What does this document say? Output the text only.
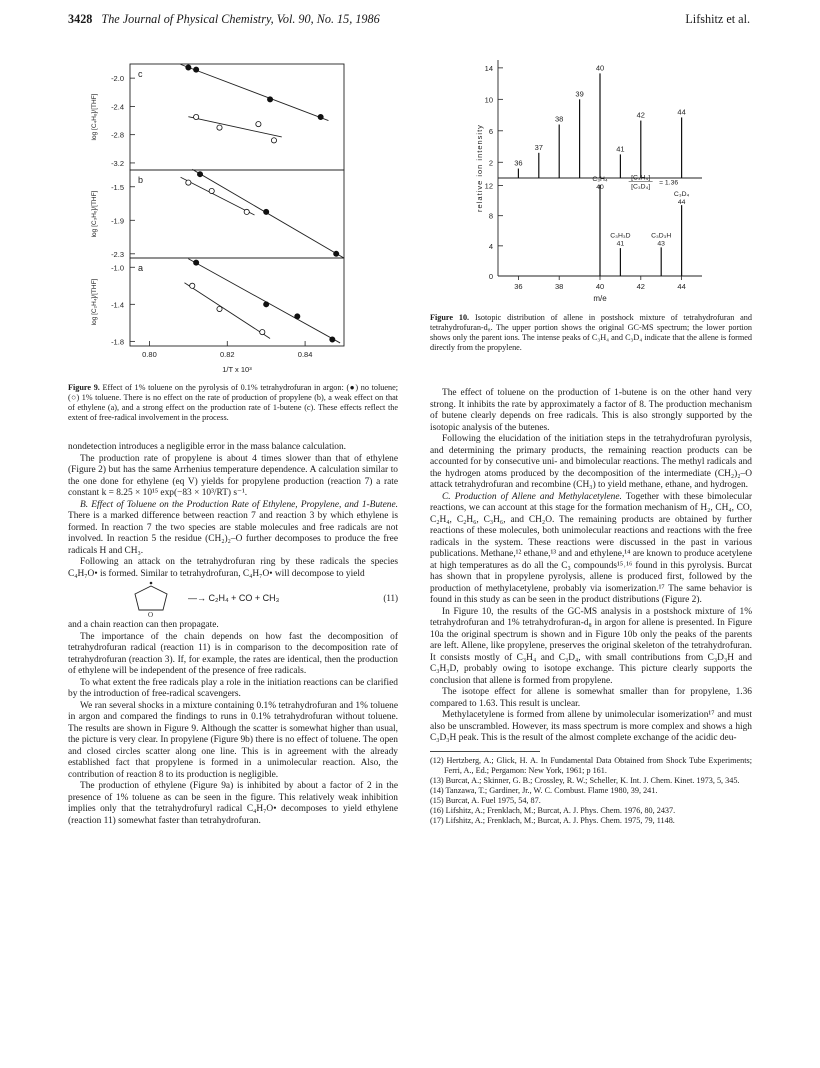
3428 The Journal of Physical Chemistry, Vol. 90, No. 15, 1986	Lifshitz et al.
-2.0
-2.4
-2.8
-3.2
c
log [C₄H₈]/[THF]
-1.5
-1.9
-2.3
b
log [C₃H₆]/[THF]
-1.0
-1.4
-1.8
a
log [C₂H₄]/[THF]
0.80	0.82	0.84
1/T x 10³
Figure 9. Effect of 1% toluene on the pyrolysis of 0.1% tetrahydrofuran in argon: (●) no toluene; (○) 1% toluene. There is no effect on the rate of production of propylene (b), a weak effect on that of ethylene (a), and a strong effect on the production rate of 1-butene (c). These effects reflect the extent of free-radical involvement in the process.
14
10
6
2
12
8
4
0
36	38	40	42	44
m/e
relative ion intensity	36
37
38
39
40
41
42	44
C₃H₄
40
[C₃H₄]
[C₃D₄]
= 1.36
C₃D₄
44
C₃H₃D
41
C₃D₃H
43
Figure 10. Isotopic distribution of allene in postshock mixture of tetrahydrofuran and tetrahydrofuran-d₈. The upper portion shows the original GC-MS spectrum; the lower portion shows only the parent ions. The intense peaks of C₃H₄ and C₃D₄ indicate that the allene is formed directly from the propylene.

nondetection introduces a negligible error in the mass balance calculation.

The production rate of propylene is about 4 times slower than that of ethylene (Figure 2) but has the same Arrhenius temperature dependence. A calculation similar to the one done for ethylene (eq V) yields for propylene production (reaction 7) a rate constant k = 8.25 × 10¹⁵ exp(−83 × 10³/RT) s⁻¹.

B. Effect of Toluene on the Production Rate of Ethylene, Propylene, and 1-Butene. There is a marked difference between reaction 7 and reaction 3 by which ethylene is formed. In reaction 7 the two species are stable molecules and free radicals are not involved. In reaction 5 the residue (CH₂)₂–O further decomposes to produce the free radicals H and CH₃.

Following an attack on the tetrahydrofuran ring by these radicals the species C₄H₇O• is formed. Similar to tetrahydrofuran, C₄H₇O• will decompose to yield

O
—→ C₂H₄ + CO + CH₃	(11)

and a chain reaction can then propagate.

The importance of the chain depends on how fast the decomposition of tetrahydrofuran radical (reaction 11) is in comparison to the decomposition rate of tetrahydrofuran (reaction 3). If, for example, the rates are identical, then the production of ethylene will be independent of the presence of free radicals.

To what extent the free radicals play a role in the initiation reactions can be clarified by the introduction of free-radical scavengers.

We ran several shocks in a mixture containing 0.1% tetrahydrofuran and 1% toluene in argon and compared the findings to runs in 0.1% tetrahydrofuran without toluene. The results are shown in Figure 9. Although the scatter is somewhat higher than usual, the picture is very clear. In propylene (Figure 9b) there is no effect of toluene. The open and closed circles scatter along one line. This is in agreement with the already established fact that propylene is formed in a unimolecular reaction. Also, the contribution of reaction 8 to its production is negligible.

The production of ethylene (Figure 9a) is inhibited by about a factor of 2 in the presence of 1% toluene as can be seen in the figure. This relatively weak inhibition implies only that the tetrahydrofuryl radical C₄H₇O• decomposes to yield ethylene (reaction 11) somewhat faster than tetrahydrofuran.

The effect of toluene on the production of 1-butene is on the other hand very strong. It inhibits the rate by approximately a factor of 8. The production mechanism of butene clearly depends on free radicals. This is also strongly supported by the isotopic analysis of the butenes.

Following the elucidation of the initiation steps in the tetrahydrofuran pyrolysis, and determining the primary products, the remaining reaction products can be accounted for by consecutive uni- and bimolecular reactions. The methyl radicals and the hydrogen atoms produced by the decomposition of the intermediate (CH₂)₂–O attack tetrahydrofuran and recombine (CH₃) to yield methane, ethane, and hydrogen.

C. Production of Allene and Methylacetylene. Together with these bimolecular reactions, we can account at this stage for the formation mechanism of H₂, CH₄, CO, C₂H₄, C₂H₆, C₃H₆, and CH₂O. The remaining products are obtained by further reactions of these molecules, both unimolecular reactions and reactions with the free radicals in the system. These reactions were discussed in the past in various publications. Methane,¹² ethane,¹³ and and ethylene,¹⁴ are known to produce acetylene at high temperatures as do all the C₃ compounds¹⁵˒¹⁶ found in this pyrolysis. Burcat has shown that in propylene pyrolysis, allene is produced first, followed by the production of methylacetylene, probably via isomerization.¹⁷ The same behavior is found in this study as can be seen in the product distributions (Figure 2).

In Figure 10, the results of the GC-MS analysis in a postshock mixture of 1% tetrahydrofuran and 1% tetrahydrofuran-d₈ in argon for allene is presented. In Figure 10a the original spectrum is shown and in Figure 10b only the peaks of the parents are left. Allene, like propylene, preserves the original skeleton of the tetrahydrofuran. It consists mostly of C₃H₄ and C₃D₄, with small contributions from C₃D₃H and C₃H₃D, probably owing to isotope exchange. This picture clearly supports the conclusion that allene is formed from propylene.

The isotope effect for allene is somewhat smaller than for propylene, 1.36 compared to 1.63. This result is unclear.

Methylacetylene is formed from allene by unimolecular isomerization¹⁷ and must also be unscrambled. However, its mass spectrum is more complex and shows a high C₃D₃H peak. This is the result of the almost complete exchange of the acidic deu-

(12) Hertzberg, A.; Glick, H. A. In Fundamental Data Obtained from Shock Tube Experiments; Ferri, A., Ed.; Pergamon: New York, 1961; p 161.
(13) Burcat, A.; Skinner, G. B.; Crossley, R. W.; Scheller, K. Int. J. Chem. Kinet. 1973, 5, 345.
(14) Tanzawa, T.; Gardiner, Jr., W. C. Combust. Flame 1980, 39, 241.
(15) Burcat, A. Fuel 1975, 54, 87.
(16) Lifshitz, A.; Frenklach, M.; Burcat, A. J. Phys. Chem. 1976, 80, 2437.
(17) Lifshitz, A.; Frenklach, M.; Burcat, A. J. Phys. Chem. 1975, 79, 1148.
